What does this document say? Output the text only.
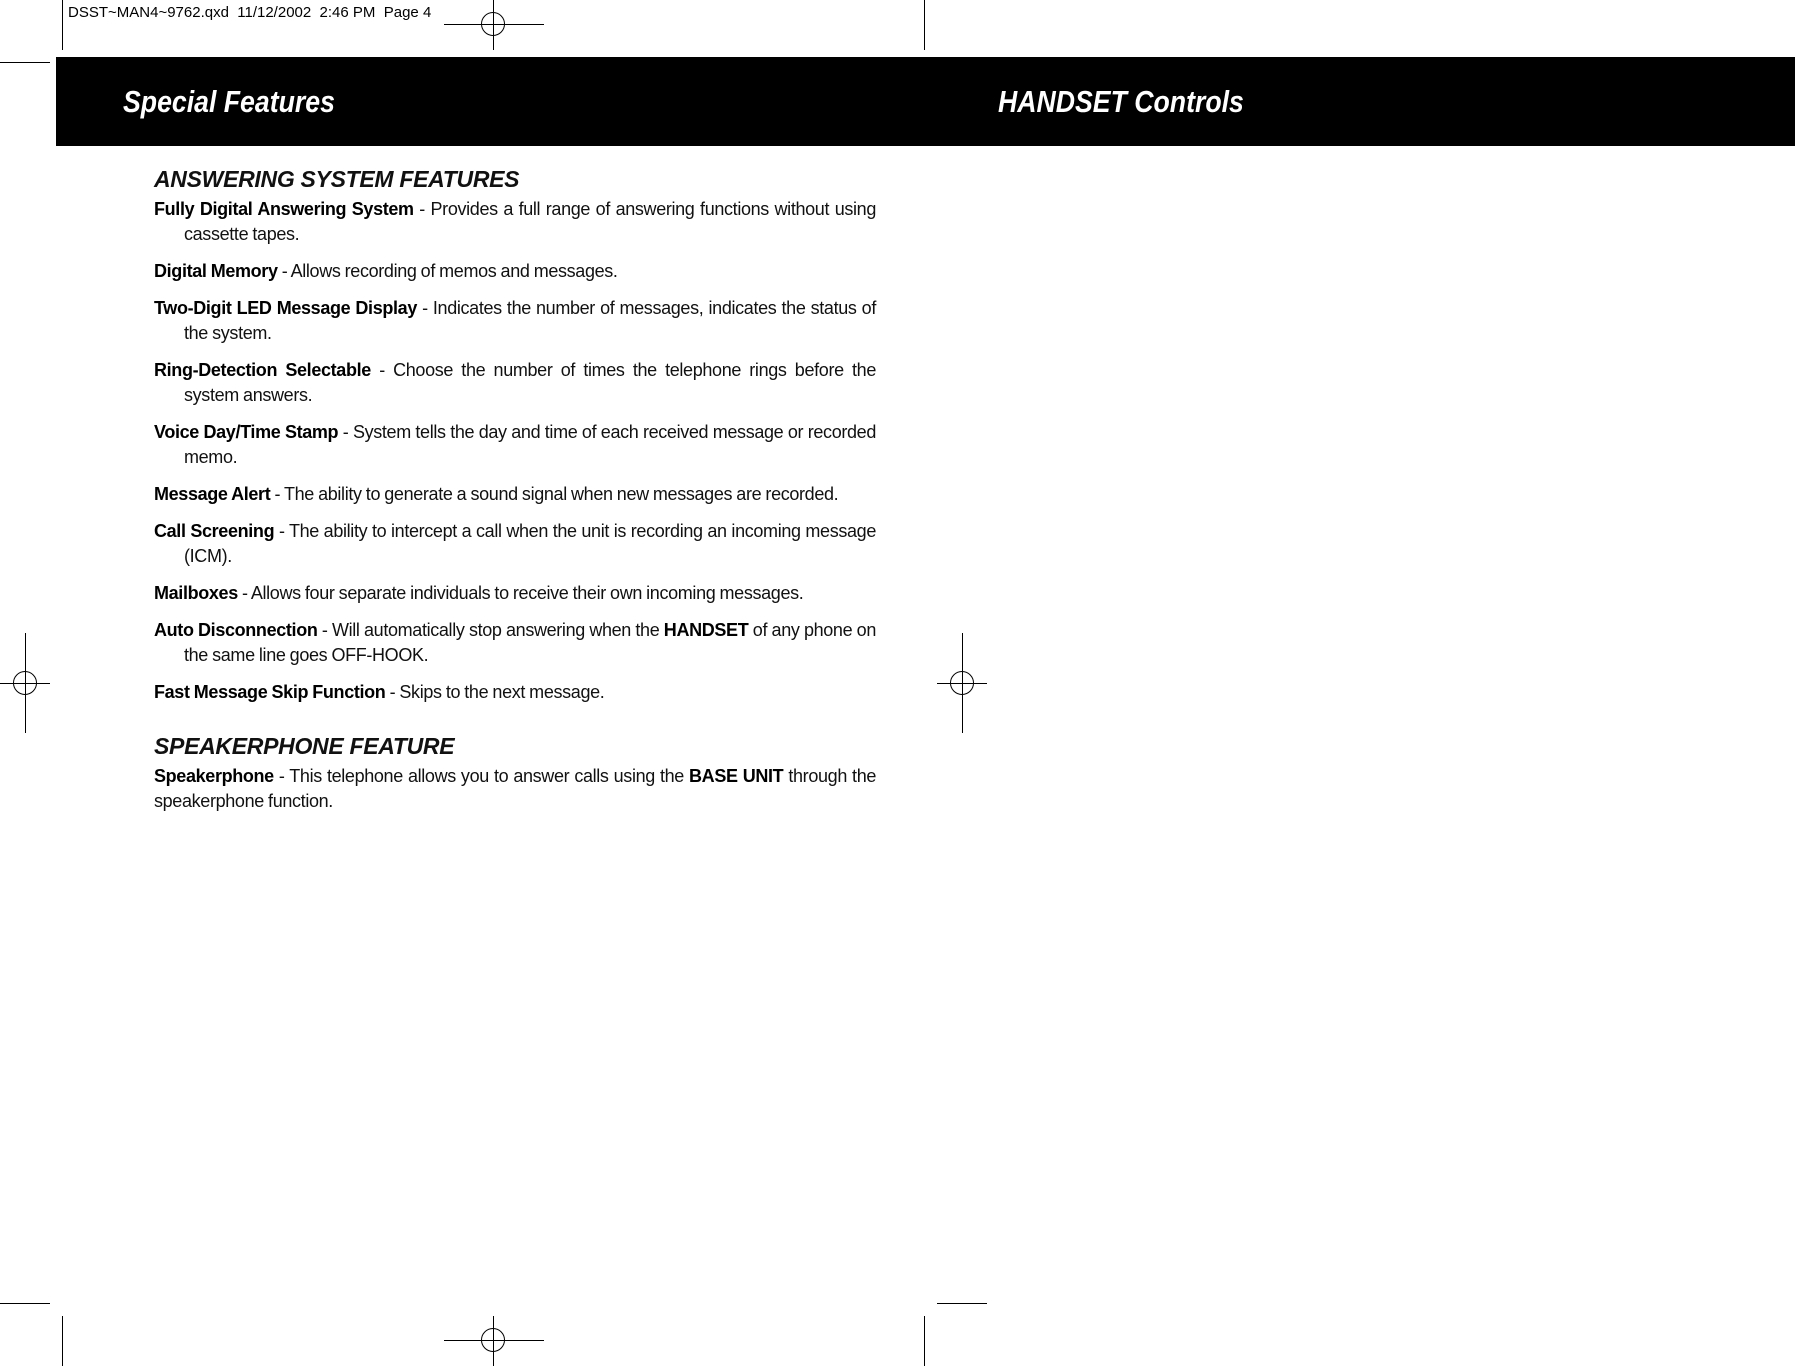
DSST~MAN4~9762.qxd  11/12/2002  2:46 PM  Page 4
Special Features	HANDSET Controls
ANSWERING SYSTEM FEATURES

Fully Digital Answering System - Provides a full range of answering functions without using cassette tapes.

Digital Memory - Allows recording of memos and messages.

Two-Digit LED Message Display - Indicates the number of messages, indicates the status of the system.

Ring-Detection Selectable - Choose the number of times the telephone rings before the system answers.

Voice Day/Time Stamp - System tells the day and time of each received message or recorded memo.

Message Alert - The ability to generate a sound signal when new messages are recorded.

Call Screening - The ability to intercept a call when the unit is recording an incoming message (ICM).

Mailboxes - Allows four separate individuals to receive their own incoming messages.

Auto Disconnection - Will automatically stop answering when the HANDSET of any phone on the same line goes OFF-HOOK.

Fast Message Skip Function - Skips to the next message.

SPEAKERPHONE FEATURE

Speakerphone - This telephone allows you to answer calls using the BASE UNIT through the speakerphone function.
